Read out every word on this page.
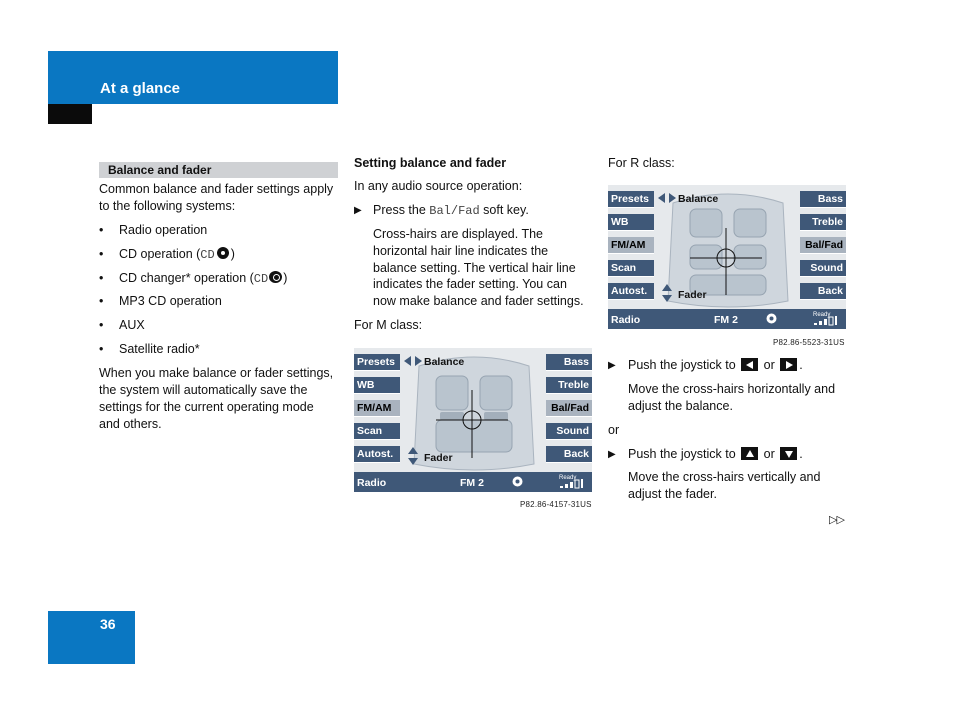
At a glance
Balance and fader
Common balance and fader settings apply
to the following systems:
• Radio operation
• CD operation (CD )
• CD changer* operation (CD )
• MP3 CD operation
• AUX
• Satellite radio*
When you make balance or fader settings,
the system will automatically save the
settings for the current operating mode
and others.
Setting balance and fader
In any audio source operation:
▶ Press the Bal/Fad soft key.
Cross-hairs are displayed. The
horizontal hair line indicates the
balance setting. The vertical hair line
indicates the fader setting. You can
now make balance and fader settings.
For M class:
Presets
WB
FM/AM
Scan
Autost.
Bass
Treble
Bal/Fad
Sound
Back
Balance
Fader
Radio	FM 2	Ready
P82.86-4157-31US
For R class:
Presets
WB
FM/AM
Scan
Autost.
Bass
Treble
Bal/Fad
Sound
Back
Balance
Fader
Radio	FM 2	Ready
P82.86-5523-31US
▶ Push the joystick to
or
.
Move the cross-hairs horizontally and
adjust the balance.
or
▶ Push the joystick to
or
.
Move the cross-hairs vertically and
adjust the fader.
▷▷
36
